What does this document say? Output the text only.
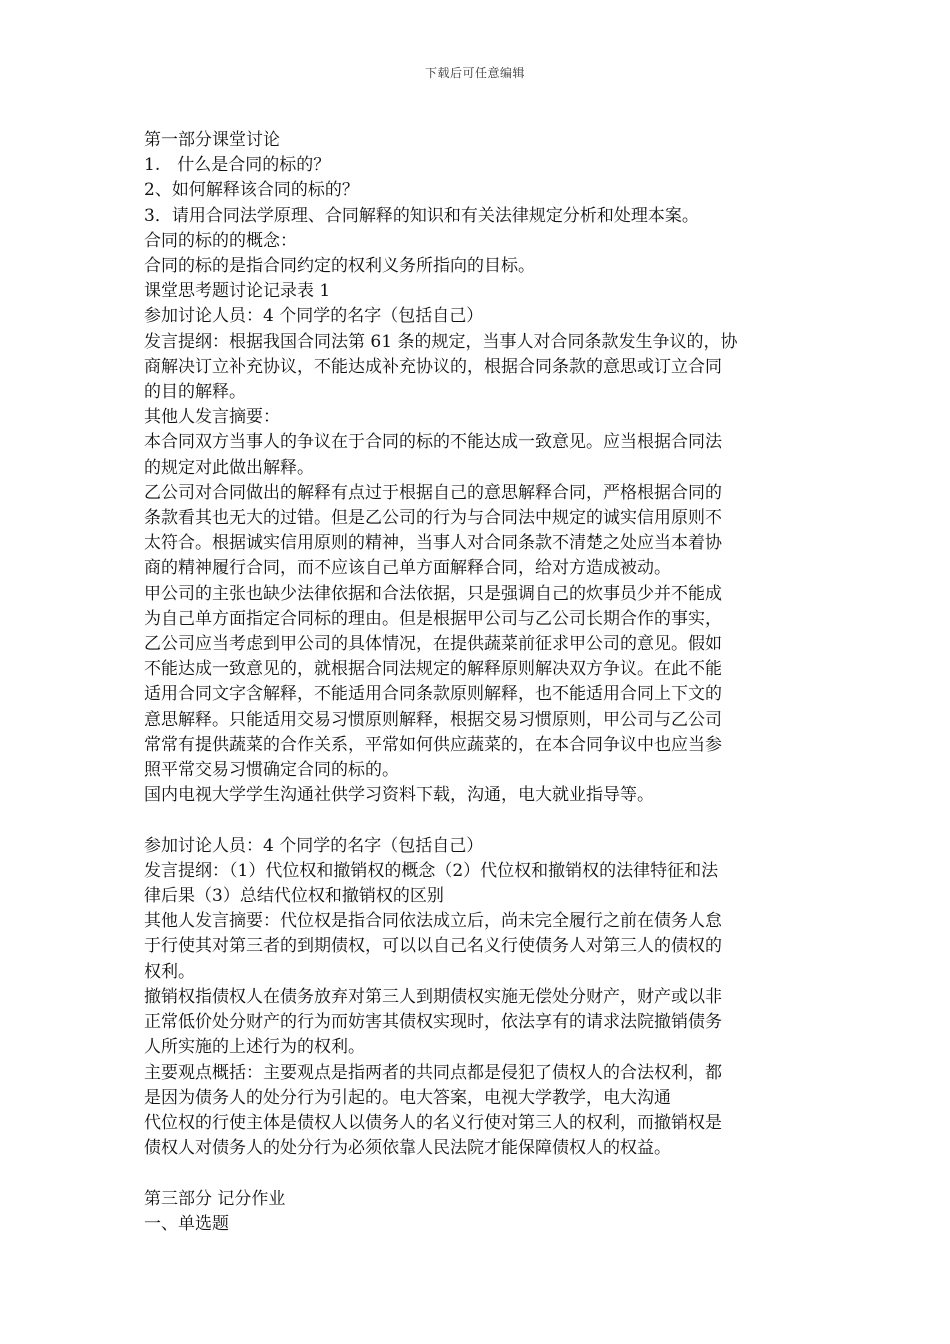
下载后可任意编辑
第一部分课堂讨论
1.　什么是合同的标的？
2、如何解释该合同的标的？
3．请用合同法学原理、合同解释的知识和有关法律规定分析和处理本案。
合同的标的的概念：
合同的标的是指合同约定的权利义务所指向的目标。
课堂思考题讨论记录表 1
参加讨论人员：4 个同学的名字（包括自己）
发言提纲：根据我国合同法第 61 条的规定，当事人对合同条款发生争议的，协
商解决订立补充协议，不能达成补充协议的，根据合同条款的意思或订立合同
的目的解释。
其他人发言摘要：
本合同双方当事人的争议在于合同的标的不能达成一致意见。应当根据合同法
的规定对此做出解释。
乙公司对合同做出的解释有点过于根据自己的意思解释合同，严格根据合同的
条款看其也无大的过错。但是乙公司的行为与合同法中规定的诚实信用原则不
太符合。根据诚实信用原则的精神，当事人对合同条款不清楚之处应当本着协
商的精神履行合同，而不应该自己单方面解释合同，给对方造成被动。
甲公司的主张也缺少法律依据和合法依据，只是强调自己的炊事员少并不能成
为自己单方面指定合同标的理由。但是根据甲公司与乙公司长期合作的事实，
乙公司应当考虑到甲公司的具体情况，在提供蔬菜前征求甲公司的意见。假如
不能达成一致意见的，就根据合同法规定的解释原则解决双方争议。在此不能
适用合同文字含解释，不能适用合同条款原则解释，也不能适用合同上下文的
意思解释。只能适用交易习惯原则解释，根据交易习惯原则，甲公司与乙公司
常常有提供蔬菜的合作关系，平常如何供应蔬菜的，在本合同争议中也应当参
照平常交易习惯确定合同的标的。
国内电视大学学生沟通社供学习资料下载，沟通，电大就业指导等。
参加讨论人员：4 个同学的名字（包括自己）
发言提纲：（1）代位权和撤销权的概念（2）代位权和撤销权的法律特征和法
律后果（3）总结代位权和撤销权的区别
其他人发言摘要：代位权是指合同依法成立后，尚未完全履行之前在债务人怠
于行使其对第三者的到期债权，可以以自己名义行使债务人对第三人的债权的
权利。
撤销权指债权人在债务放弃对第三人到期债权实施无偿处分财产，财产或以非
正常低价处分财产的行为而妨害其债权实现时，依法享有的请求法院撤销债务
人所实施的上述行为的权利。
主要观点概括：主要观点是指两者的共同点都是侵犯了债权人的合法权利，都
是因为债务人的处分行为引起的。电大答案，电视大学教学，电大沟通
代位权的行使主体是债权人以债务人的名义行使对第三人的权利，而撤销权是
债权人对债务人的处分行为必须依靠人民法院才能保障债权人的权益。
第三部分 记分作业
一、单选题
